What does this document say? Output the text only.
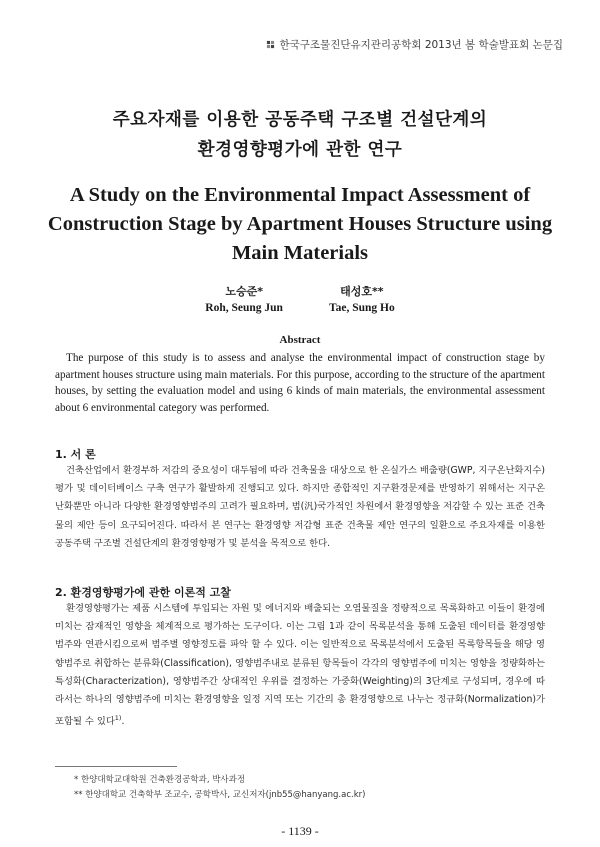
한국구조물진단유지관리공학회 2013년 봄 학술발표회 논문집
주요자재를 이용한 공동주택 구조별 건설단계의
환경영향평가에 관한 연구
A Study on the Environmental Impact Assessment of
Construction Stage by Apartment Houses Structure using
Main Materials
노승준*
Roh, Seung Jun
태성호**
Tae, Sung Ho
Abstract
The purpose of this study is to assess and analyse the environmental impact of construction stage by apartment houses structure using main materials. For this purpose, according to the structure of the apartment houses, by setting the evaluation model and using 6 kinds of main materials, the environmental assessment about 6 environmental category was performed.
1. 서 론
건축산업에서 환경부하 저감의 중요성이 대두됨에 따라 건축물을 대상으로 한 온실가스 배출량(GWP, 지구온난화지수) 평가 및 데이터베이스 구축 연구가 활발하게 진행되고 있다. 하지만 종합적인 지구환경문제를 반영하기 위해서는 지구온난화뿐만 아니라 다양한 환경영향범주의 고려가 필요하며, 범(汎)국가적인 차원에서 환경영향을 저감할 수 있는 표준 건축물의 제안 등이 요구되어진다. 따라서 본 연구는 환경영향 저감형 표준 건축물 제안 연구의 일환으로 주요자재를 이용한 공동주택 구조별 건설단계의 환경영향평가 및 분석을 목적으로 한다.
2. 환경영향평가에 관한 이론적 고찰
환경영향평가는 제품 시스템에 투입되는 자원 및 에너지와 배출되는 오염물질을 정량적으로 목록화하고 이들이 환경에 미치는 잠재적인 영향을 체계적으로 평가하는 도구이다. 이는 그림 1과 같이 목록분석을 통해 도출된 데이터를 환경영향범주와 연관시킴으로써 범주별 영향정도를 파악 할 수 있다. 이는 일반적으로 목록분석에서 도출된 목록항목들을 해당 영향범주로 취합하는 분류화(Classification), 영향범주내로 분류된 항목들이 각각의 영향범주에 미치는 영향을 정량화하는 특성화(Characterization), 영향범주간 상대적인 우위를 결정하는 가중화(Weighting)의 3단계로 구성되며, 경우에 따라서는 하나의 영향범주에 미치는 환경영향을 일정 지역 또는 기간의 총 환경영향으로 나누는 정규화(Normalization)가 포함될 수 있다$^{1)}$.
* 한양대학교대학원 건축환경공학과, 박사과정
** 한양대학교 건축학부 조교수, 공학박사, 교신저자(jnb55@hanyang.ac.kr)
- 1139 -
